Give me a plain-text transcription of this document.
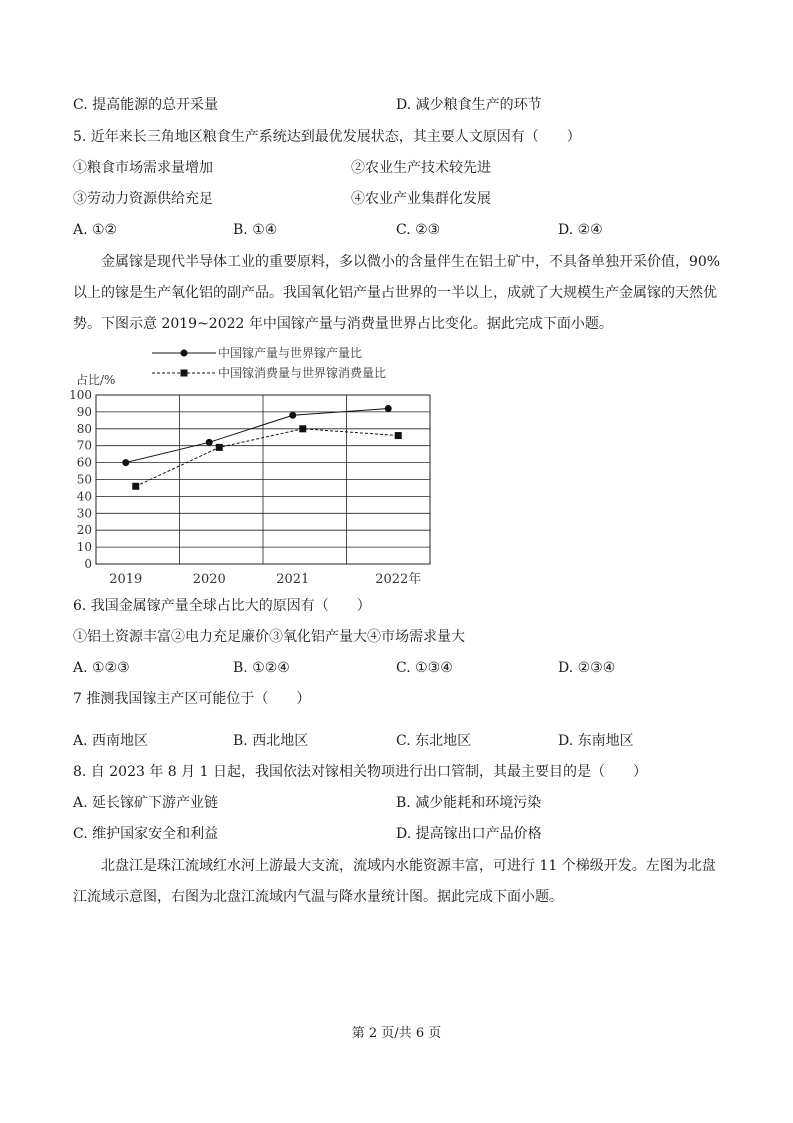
C. 提高能源的总开采量	D. 减少粮食生产的环节
5. 近年来长三角地区粮食生产系统达到最优发展状态，其主要人文原因有（　　）
①粮食市场需求量增加	②农业生产技术较先进
③劳动力资源供给充足	④农业产业集群化发展
A. ①②	B. ①④	C. ②③	D. ②④
金属镓是现代半导体工业的重要原料，多以微小的含量伴生在铝土矿中，不具备单独开采价值，90%以上的镓是生产氧化铝的副产品。我国氧化铝产量占世界的一半以上，成就了大规模生产金属镓的天然优势。下图示意 2019~2022 年中国镓产量与消费量世界占比变化。据此完成下面小题。
0
10
20
30
40
50
60
70
80
90
100
2019	2020	2021	2022年
中国镓产量与世界镓产量比
中国镓消费量与世界镓消费量比
占比/%
6. 我国金属镓产量全球占比大的原因有（　　）
①铝土资源丰富②电力充足廉价③氧化铝产量大④市场需求量大
A. ①②③	B. ①②④	C. ①③④	D. ②③④
7 推测我国镓主产区可能位于（　　）
A. 西南地区	B. 西北地区	C. 东北地区	D. 东南地区
8. 自 2023 年 8 月 1 日起，我国依法对镓相关物项进行出口管制，其最主要目的是（　　）
A. 延长镓矿下游产业链	B. 减少能耗和环境污染
C. 维护国家安全和利益	D. 提高镓出口产品价格
北盘江是珠江流域红水河上游最大支流，流域内水能资源丰富，可进行 11 个梯级开发。左图为北盘江流域示意图，右图为北盘江流域内气温与降水量统计图。据此完成下面小题。
第 2 页/共 6 页
